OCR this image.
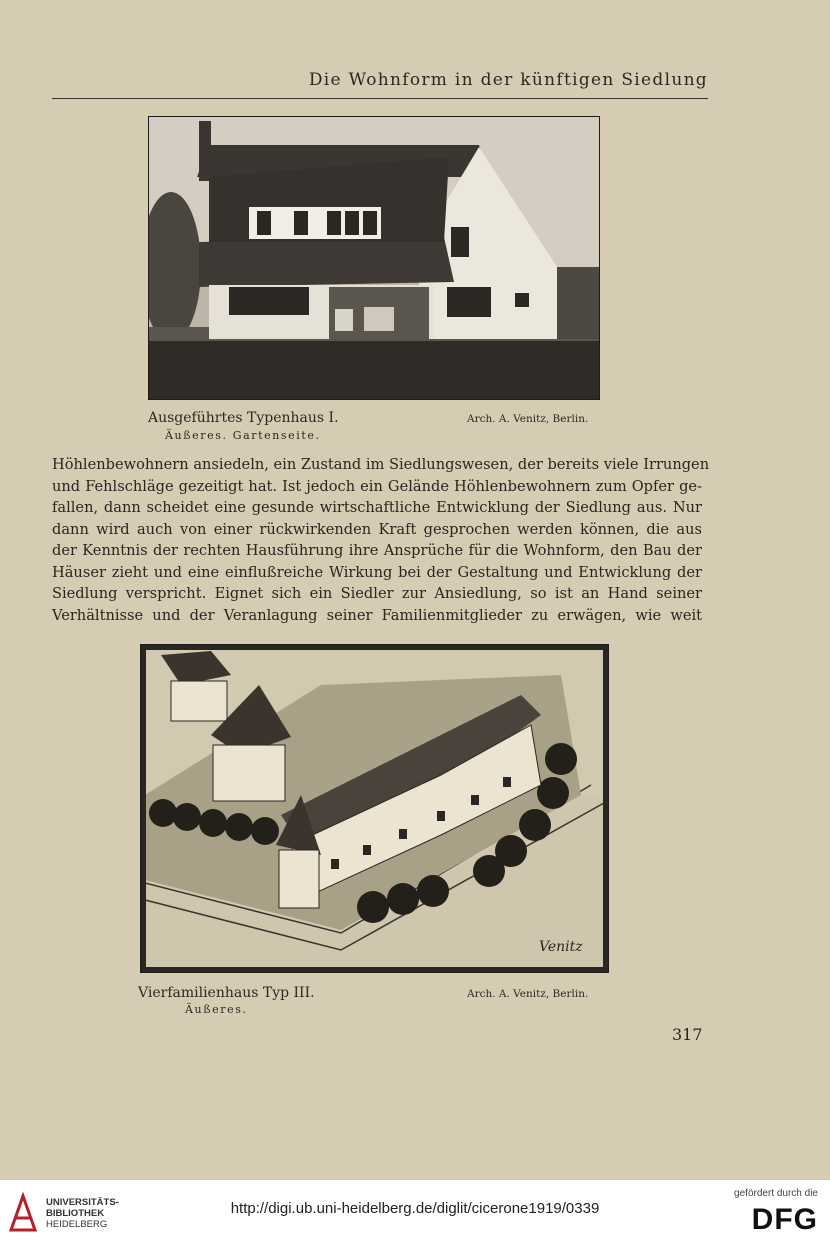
Die Wohnform in der künftigen Siedlung
Ausgeführtes Typenhaus I.
Äußeres. Gartenseite.
Arch. A. Venitz, Berlin.
Höhlenbewohnern ansiedeln, ein Zustand im Siedlungswesen, der bereits viele Irrungen
und Fehlschläge gezeitigt hat. Ist jedoch ein Gelände Höhlenbewohnern zum Opfer ge-
fallen, dann scheidet eine gesunde wirtschaftliche Entwicklung der Siedlung aus. Nur
dann wird auch von einer rückwirkenden Kraft gesprochen werden können, die aus
der Kenntnis der rechten Hausführung ihre Ansprüche für die Wohnform, den Bau der
Häuser zieht und eine einflußreiche Wirkung bei der Gestaltung und Entwicklung der
Siedlung verspricht. Eignet sich ein Siedler zur Ansiedlung, so ist an Hand seiner
Verhältnisse und der Veranlagung seiner Familienmitglieder zu erwägen, wie weit
Venitz
Vierfamilienhaus Typ III.
Äußeres.
Arch. A. Venitz, Berlin.
317
UNIVERSITÄTS-
BIBLIOTHEK
HEIDELBERG
http://digi.ub.uni-heidelberg.de/diglit/cicerone1919/0339
gefördert durch die
DFG
